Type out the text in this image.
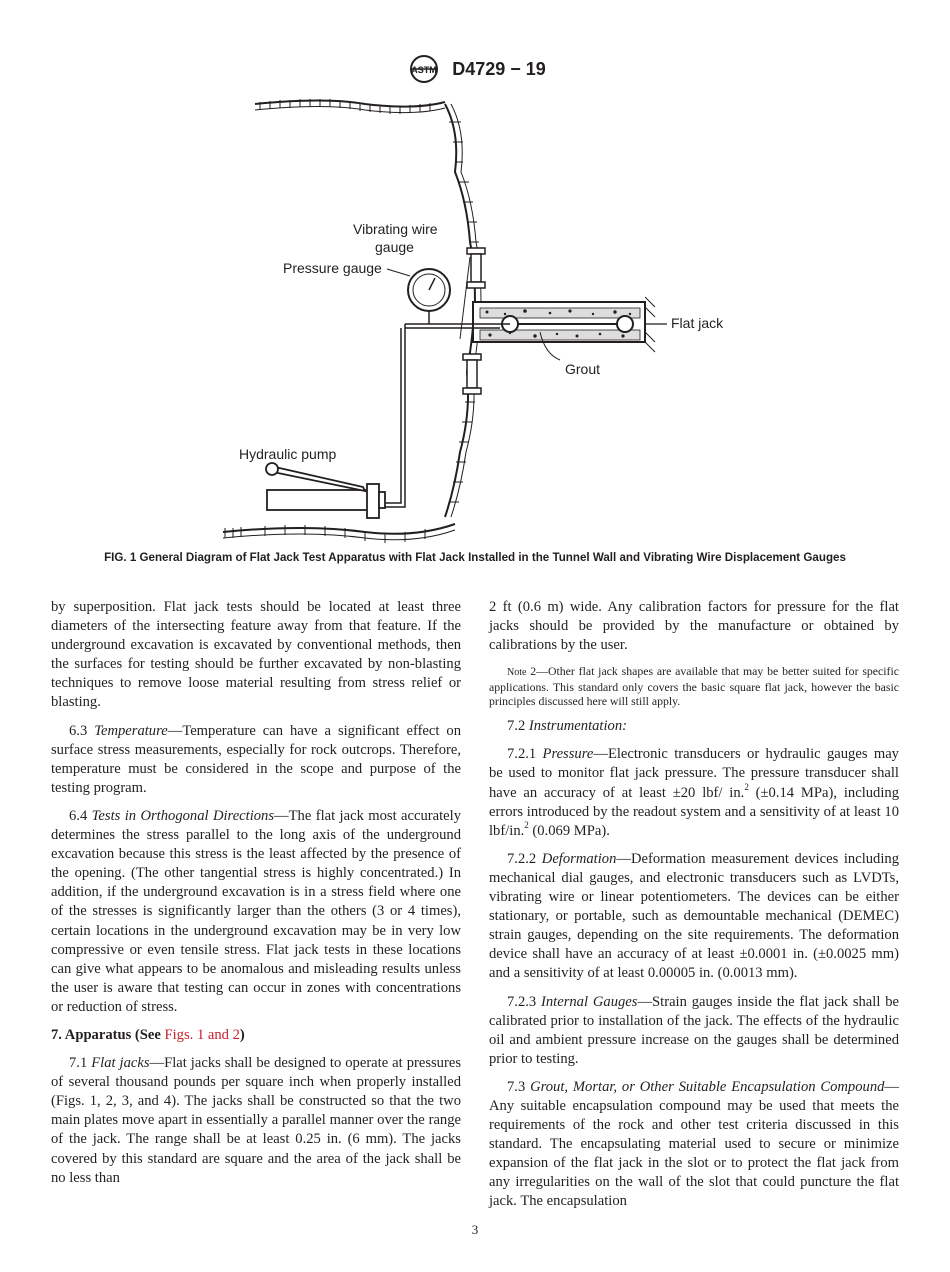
ASTM D4729 − 19
Vibrating wire
gauge
Pressure gauge
Flat jack
Grout
Hydraulic pump
FIG. 1 General Diagram of Flat Jack Test Apparatus with Flat Jack Installed in the Tunnel Wall and Vibrating Wire Displacement Gauges

by superposition. Flat jack tests should be located at least three diameters of the intersecting feature away from that feature. If the underground excavation is excavated by conventional methods, then the surfaces for testing should be further excavated by non-blasting techniques to remove loose material resulting from stress relief or blasting.

6.3 Temperature—Temperature can have a significant effect on surface stress measurements, especially for rock outcrops. Therefore, temperature must be considered in the scope and purpose of the testing program.

6.4 Tests in Orthogonal Directions—The flat jack most accurately determines the stress parallel to the long axis of the underground excavation because this stress is the least affected by the presence of the opening. (The other tangential stress is highly concentrated.) In addition, if the underground excavation is in a stress field where one of the stresses is significantly larger than the others (3 or 4 times), certain locations in the underground excavation may be in very low compressive or even tensile stress. Flat jack tests in these locations can give what appears to be anomalous and misleading results unless the user is aware that testing can occur in zones with concentrations or reduction of stress.

7. Apparatus (See Figs. 1 and 2)

7.1 Flat jacks—Flat jacks shall be designed to operate at pressures of several thousand pounds per square inch when properly installed (Figs. 1, 2, 3, and 4). The jacks shall be constructed so that the two main plates move apart in essentially a parallel manner over the range of the jack. The range shall be at least 0.25 in. (6 mm). The jacks covered by this standard are square and the area of the jack shall be no less than

2 ft (0.6 m) wide. Any calibration factors for pressure for the flat jacks should be provided by the manufacture or obtained by calibrations by the user.

Note 2—Other flat jack shapes are available that may be better suited for specific applications. This standard only covers the basic square flat jack, however the basic principles discussed here will still apply.

7.2 Instrumentation:

7.2.1 Pressure—Electronic transducers or hydraulic gauges may be used to monitor flat jack pressure. The pressure transducer shall have an accuracy of at least ±20 lbf/ in.$^2$ (±0.14 MPa), including errors introduced by the readout system and a sensitivity of at least 10 lbf/in.$^2$ (0.069 MPa).

7.2.2 Deformation—Deformation measurement devices including mechanical dial gauges, and electronic transducers such as LVDTs, vibrating wire or linear potentiometers. The devices can be either stationary, or portable, such as demountable mechanical (DEMEC) strain gauges, depending on the site requirements. The deformation device shall have an accuracy of at least ±0.0001 in. (±0.0025 mm) and a sensitivity of at least 0.00005 in. (0.0013 mm).

7.2.3 Internal Gauges—Strain gauges inside the flat jack shall be calibrated prior to installation of the jack. The effects of the hydraulic oil and ambient pressure increase on the gauges shall be determined prior to testing.

7.3 Grout, Mortar, or Other Suitable Encapsulation Compound—Any suitable encapsulation compound may be used that meets the requirements of the rock and other test criteria discussed in this standard. The encapsulating material used to secure or minimize expansion of the flat jack in the slot or to protect the flat jack from any irregularities on the wall of the slot that could puncture the flat jack. The encapsulation

3
